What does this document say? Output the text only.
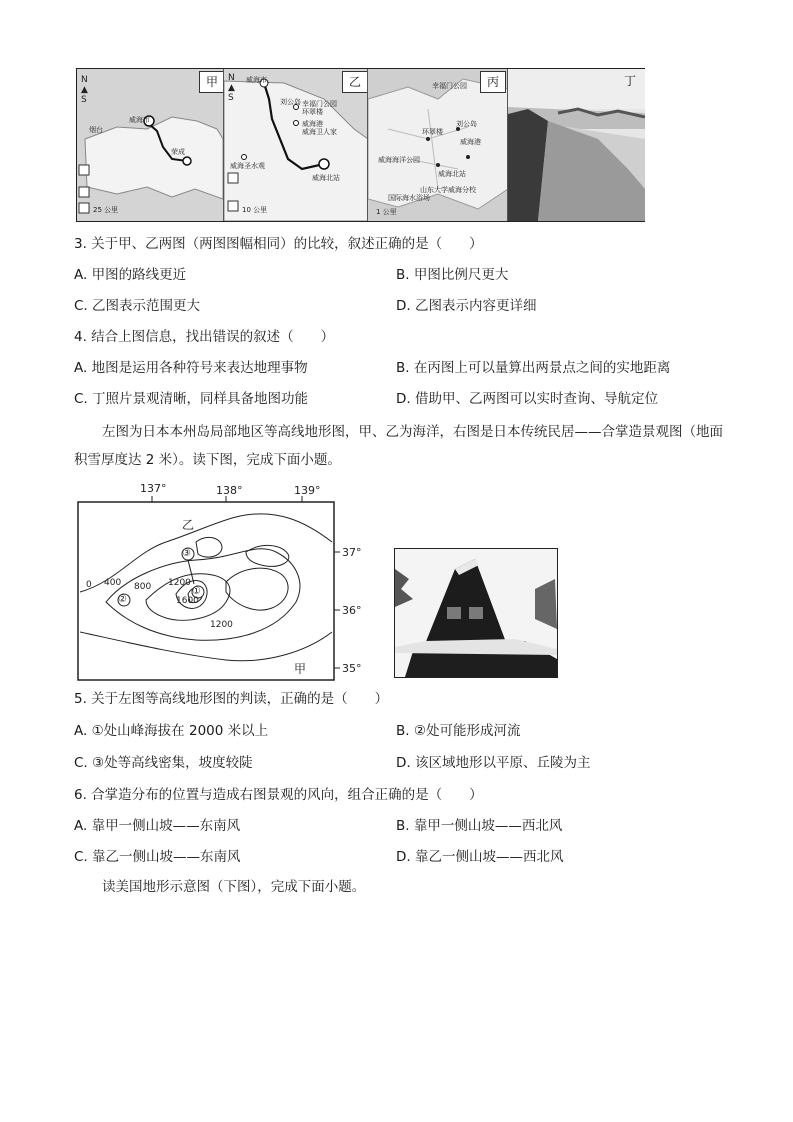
N
▲
S
甲
威海市
烟台
荣成
25 公里
N
▲
S
乙
威海市
幸福门公园
环翠楼
刘公岛
威海港
威海卫人家
威海圣水观
威海北站
10 公里
丙
幸福门公园
环翠楼
刘公岛
威海港
威海海洋公园
威海北站
山东大学威海分校
国际海水浴场
1 公里
丁
3. 关于甲、乙两图（两图图幅相同）的比较，叙述正确的是（　　）
A. 甲图的路线更近	B. 甲图比例尺更大
C. 乙图表示范围更大	D. 乙图表示内容更详细
4. 结合上图信息，找出错误的叙述（　　）
A. 地图是运用各种符号来表达地理事物	B. 在丙图上可以量算出两景点之间的实地距离
C. 丁照片景观清晰，同样具备地图功能	D. 借助甲、乙两图可以实时查询、导航定位
左图为日本本州岛局部地区等高线地形图，甲、乙为海洋，右图是日本传统民居——合掌造景观图（地面积雪厚度达 2 米）。读下图，完成下面小题。
137°	138°	139°
37°
36°
35°
乙
甲
0 400 800 1200
1600
1200
③
②
①
5. 关于左图等高线地形图的判读，正确的是（　　）
A. ①处山峰海拔在 2000 米以上	B. ②处可能形成河流
C. ③处等高线密集，坡度较陡	D. 该区域地形以平原、丘陵为主
6. 合掌造分布的位置与造成右图景观的风向，组合正确的是（　　）
A. 靠甲一侧山坡——东南风	B. 靠甲一侧山坡——西北风
C. 靠乙一侧山坡——东南风	D. 靠乙一侧山坡——西北风
读美国地形示意图（下图），完成下面小题。
